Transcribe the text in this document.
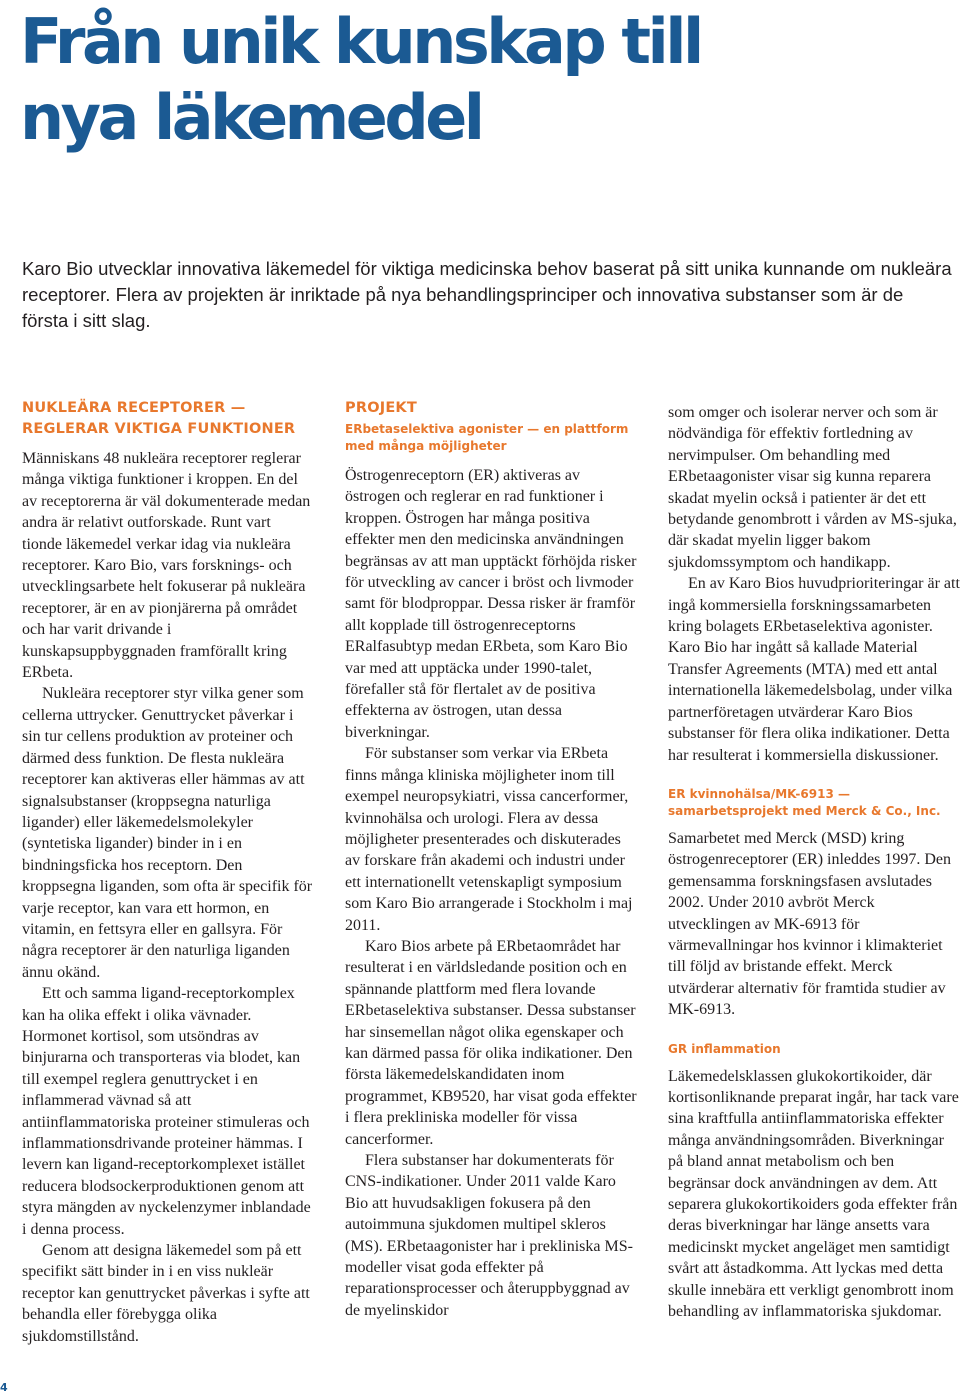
Från unik kunskap till
nya läkemedel

Karo Bio utvecklar innovativa läkemedel för viktiga medicinska behov baserat på sitt unika kunnande om nukleära receptorer. Flera av projekten är inriktade på nya behandlingsprinciper och innovativa substanser som är de första i sitt slag.

NUKLEÄRA RECEPTORER —
REGLERAR VIKTIGA FUNKTIONER

Människans 48 nukleära receptorer reglerar många viktiga funktioner i kroppen. En del av receptorerna är väl dokumenterade medan andra är relativt outforskade. Runt vart tionde läkemedel verkar idag via nukleära receptorer. Karo Bio, vars forsknings- och utvecklingsarbete helt fokuserar på nukleära receptorer, är en av pionjärerna på området och har varit drivande i kunskapsuppbyggnaden framförallt kring ERbeta.

Nukleära receptorer styr vilka gener som cellerna uttrycker. Genuttrycket påverkar i sin tur cellens produktion av proteiner och därmed dess funktion. De flesta nukleära receptorer kan aktiveras eller hämmas av att signalsubstanser (kroppsegna naturliga ligander) eller läkemedelsmolekyler (syntetiska ligander) binder in i en bindningsficka hos receptorn. Den kroppsegna liganden, som ofta är specifik för varje receptor, kan vara ett hormon, en vitamin, en fettsyra eller en gallsyra. För några receptorer är den naturliga liganden ännu okänd.

Ett och samma ligand-receptorkomplex kan ha olika effekt i olika vävnader. Hormonet kortisol, som utsöndras av binjurarna och transporteras via blodet, kan till exempel reglera genuttrycket i en inflammerad vävnad så att antiinflammatoriska proteiner stimuleras och inflammationsdrivande proteiner hämmas. I levern kan ligand-receptorkomplexet istället reducera blodsockerproduktionen genom att styra mängden av nyckelenzymer inblandade i denna process.

Genom att designa läkemedel som på ett specifikt sätt binder in i en viss nukleär receptor kan genuttrycket påverkas i syfte att behandla eller förebygga olika sjukdomstillstånd.

PROJEKT
ERbetaselektiva agonister — en plattform
med många möjligheter

Östrogenreceptorn (ER) aktiveras av östrogen och reglerar en rad funktioner i kroppen. Östrogen har många positiva effekter men den medicinska användningen begränsas av att man upptäckt förhöjda risker för utveckling av cancer i bröst och livmoder samt för blodproppar. Dessa risker är framför allt kopplade till östrogenreceptorns ERalfasubtyp medan ERbeta, som Karo Bio var med att upptäcka under 1990-talet, förefaller stå för flertalet av de positiva effekterna av östrogen, utan dessa biverkningar.

För substanser som verkar via ERbeta finns många kliniska möjligheter inom till exempel neuropsykiatri, vissa cancerformer, kvinnohälsa och urologi. Flera av dessa möjligheter presenterades och diskuterades av forskare från akademi och industri under ett internationellt vetenskapligt symposium som Karo Bio arrangerade i Stockholm i maj 2011.

Karo Bios arbete på ERbetaområdet har resulterat i en världsledande position och en spännande plattform med flera lovande ERbetaselektiva substanser. Dessa substanser har sinsemellan något olika egenskaper och kan därmed passa för olika indikationer. Den första läkemedelskandidaten inom programmet, KB9520, har visat goda effekter i flera prekliniska modeller för vissa cancerformer.

Flera substanser har dokumenterats för CNS-indikationer. Under 2011 valde Karo Bio att huvudsakligen fokusera på den autoimmuna sjukdomen multipel skleros (MS). ERbetaagonister har i prekliniska MS-modeller visat goda effekter på reparationsprocesser och återuppbyggnad av de myelinskidor

som omger och isolerar nerver och som är nödvändiga för effektiv fortledning av nervimpulser. Om behandling med ERbetaagonister visar sig kunna reparera skadat myelin också i patienter är det ett betydande genombrott i vården av MS-sjuka, där skadat myelin ligger bakom sjukdomssymptom och handikapp.

En av Karo Bios huvudprioriteringar är att ingå kommersiella forskningssamarbeten kring bolagets ERbetaselektiva agonister. Karo Bio har ingått så kallade Material Transfer Agreements (MTA) med ett antal internationella läkemedelsbolag, under vilka partnerföretagen utvärderar Karo Bios substanser för flera olika indikationer. Detta har resulterat i kommersiella diskussioner.

ER kvinnohälsa/MK-6913 —
samarbetsprojekt med Merck & Co., Inc.

Samarbetet med Merck (MSD) kring östrogenreceptorer (ER) inleddes 1997. Den gemensamma forskningsfasen avslutades 2002. Under 2010 avbröt Merck utvecklingen av MK-6913 för värmevallningar hos kvinnor i klimakteriet till följd av bristande effekt. Merck utvärderar alternativ för framtida studier av MK-6913.

GR inflammation

Läkemedelsklassen glukokortikoider, där kortisonliknande preparat ingår, har tack vare sina kraftfulla antiinflammatoriska effekter många användningsområden. Biverkningar på bland annat metabolism och ben begränsar dock användningen av dem. Att separera glukokortikoiders goda effekter från deras biverkningar har länge ansetts vara medicinskt mycket angeläget men samtidigt svårt att åstadkomma. Att lyckas med detta skulle innebära ett verkligt genombrott inom behandling av inflammatoriska sjukdomar.

4
